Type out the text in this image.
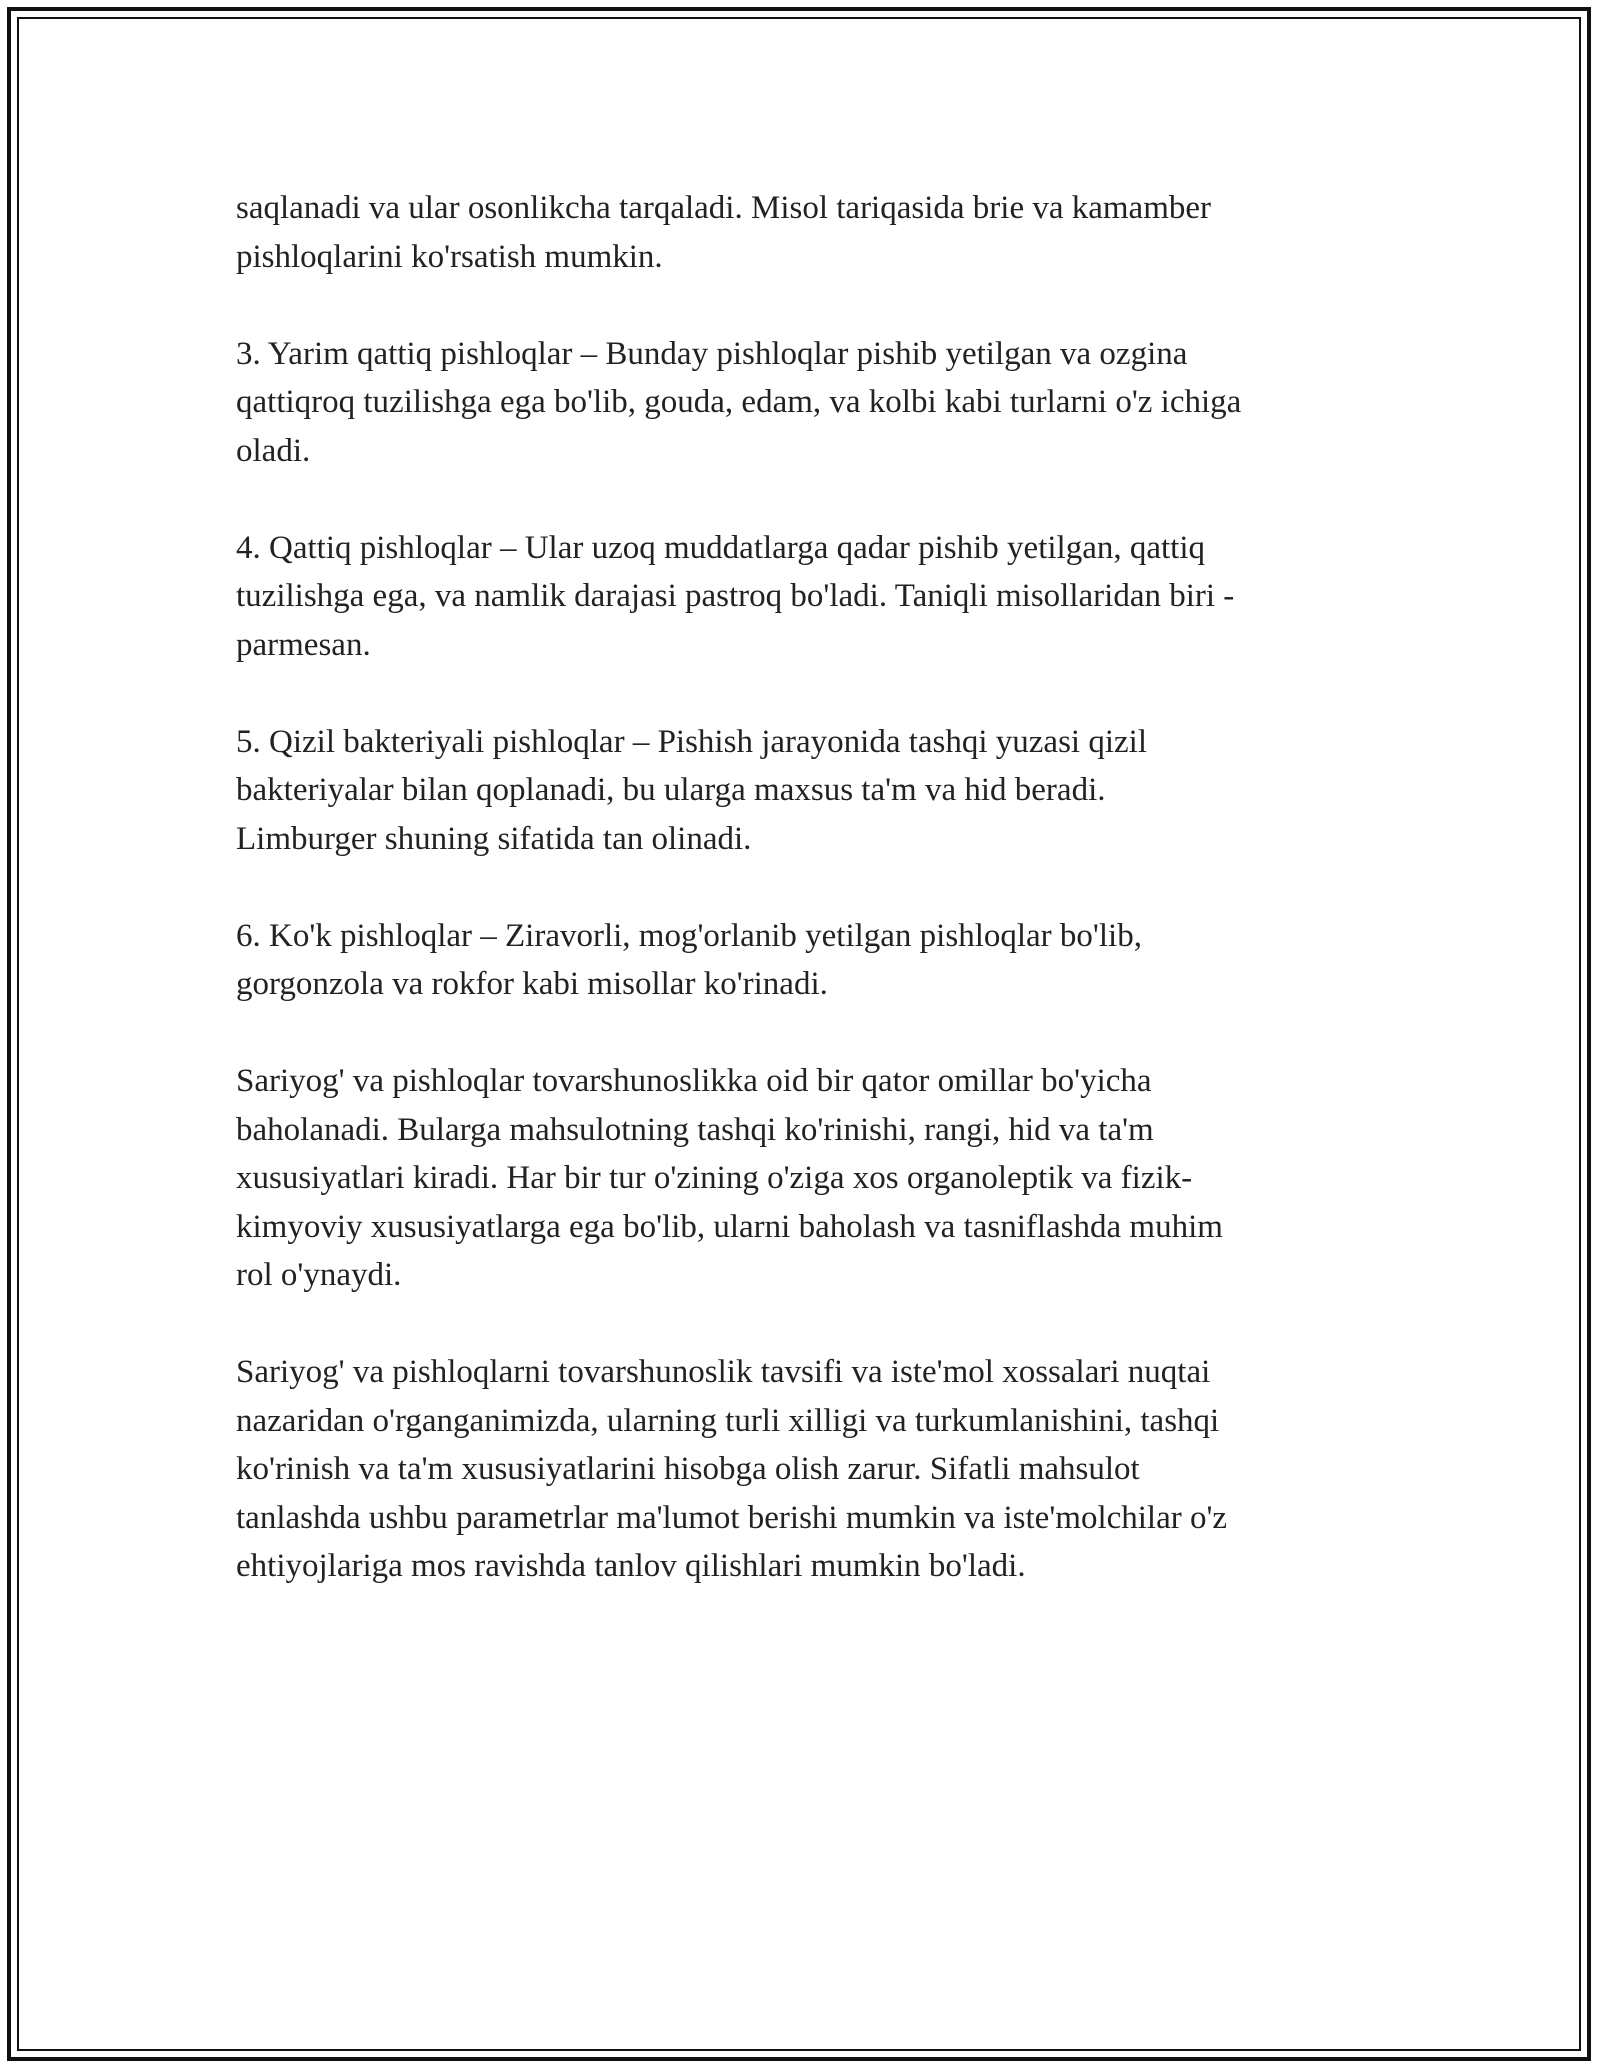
saqlanadi va ular osonlikcha tarqaladi. Misol tariqasida brie va kamamber
pishloqlarini ko'rsatish mumkin.

3. Yarim qattiq pishloqlar – Bunday pishloqlar pishib yetilgan va ozgina
qattiqroq tuzilishga ega bo'lib, gouda, edam, va kolbi kabi turlarni o'z ichiga
oladi.

4. Qattiq pishloqlar – Ular uzoq muddatlarga qadar pishib yetilgan, qattiq
tuzilishga ega, va namlik darajasi pastroq bo'ladi. Taniqli misollaridan biri -
parmesan.

5. Qizil bakteriyali pishloqlar – Pishish jarayonida tashqi yuzasi qizil
bakteriyalar bilan qoplanadi, bu ularga maxsus ta'm va hid beradi.
Limburger shuning sifatida tan olinadi.

6. Ko'k pishloqlar – Ziravorli, mog'orlanib yetilgan pishloqlar bo'lib,
gorgonzola va rokfor kabi misollar ko'rinadi.

Sariyog' va pishloqlar tovarshunoslikka oid bir qator omillar bo'yicha
baholanadi. Bularga mahsulotning tashqi ko'rinishi, rangi, hid va ta'm
xususiyatlari kiradi. Har bir tur o'zining o'ziga xos organoleptik va fizik-
kimyoviy xususiyatlarga ega bo'lib, ularni baholash va tasniflashda muhim
rol o'ynaydi.

Sariyog' va pishloqlarni tovarshunoslik tavsifi va iste'mol xossalari nuqtai
nazaridan o'rganganimizda, ularning turli xilligi va turkumlanishini, tashqi
ko'rinish va ta'm xususiyatlarini hisobga olish zarur. Sifatli mahsulot
tanlashda ushbu parametrlar ma'lumot berishi mumkin va iste'molchilar o'z
ehtiyojlariga mos ravishda tanlov qilishlari mumkin bo'ladi.
